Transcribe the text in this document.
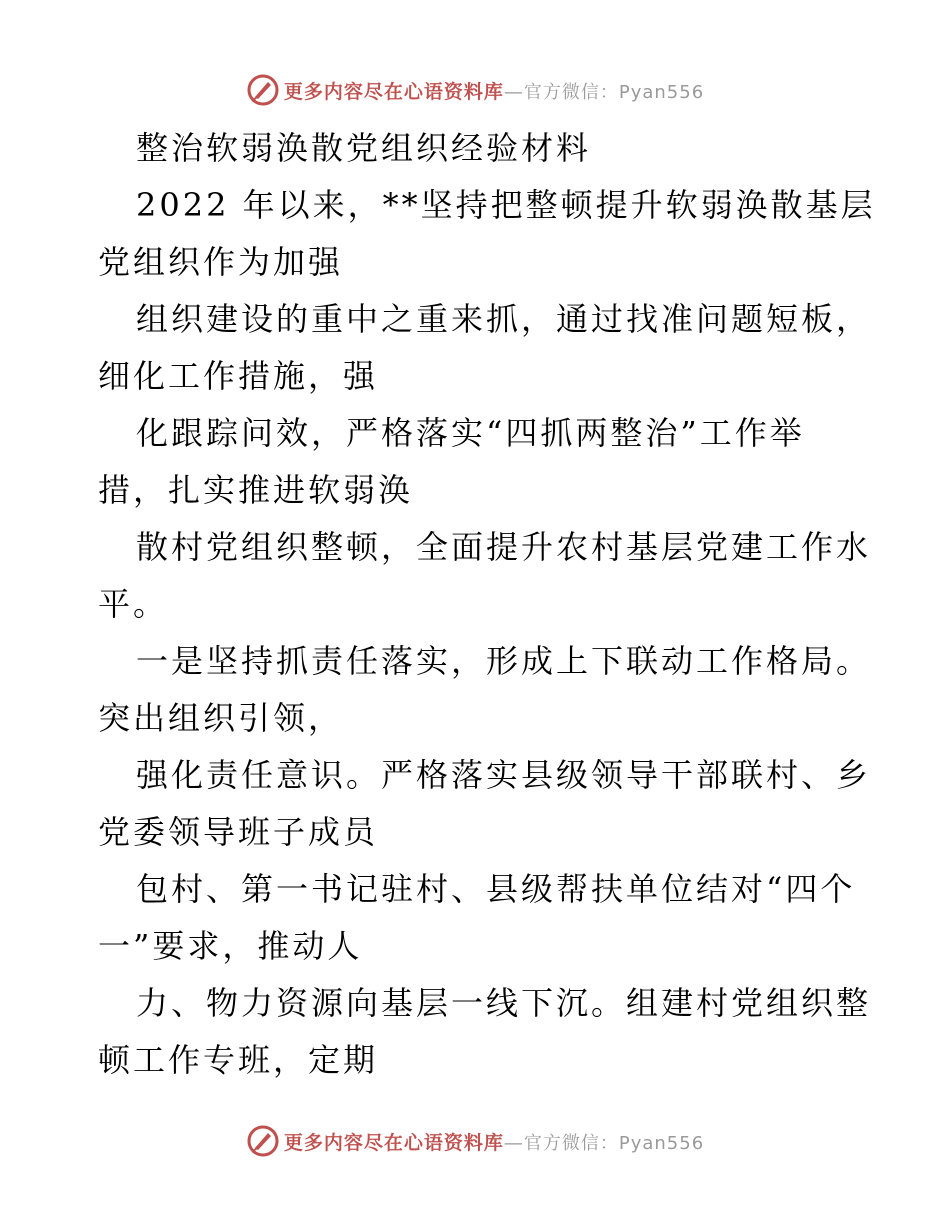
更多内容尽在心语资料库—官方微信：Pyan556
整治软弱涣散党组织经验材料
2022 年以来，**坚持把整顿提升软弱涣散基层
党组织作为加强
组织建设的重中之重来抓，通过找准问题短板，
细化工作措施，强
化跟踪问效，严格落实“四抓两整治”工作举
措，扎实推进软弱涣
散村党组织整顿，全面提升农村基层党建工作水
平。
一是坚持抓责任落实，形成上下联动工作格局。
突出组织引领，
强化责任意识。严格落实县级领导干部联村、乡
党委领导班子成员
包村、第一书记驻村、县级帮扶单位结对“四个
一”要求，推动人
力、物力资源向基层一线下沉。组建村党组织整
顿工作专班，定期
更多内容尽在心语资料库—官方微信：Pyan556
